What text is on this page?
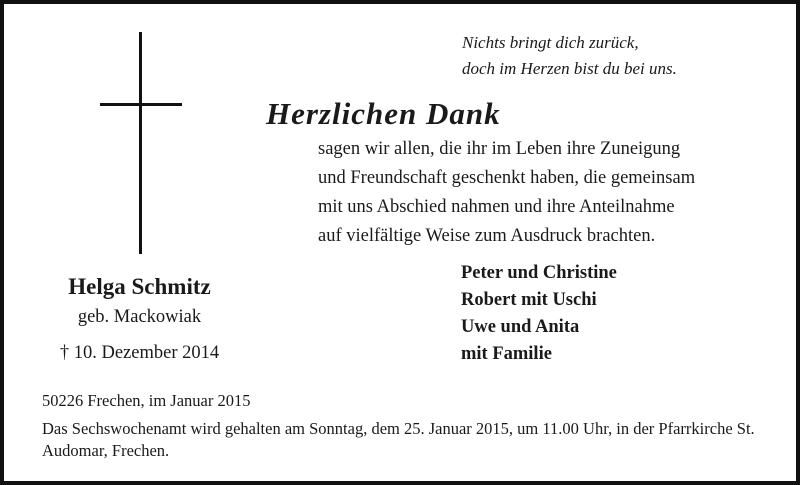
Nichts bringt dich zurück,
doch im Herzen bist du bei uns.
Herzlichen Dank
sagen wir allen, die ihr im Leben ihre Zuneigung
und Freundschaft geschenkt haben, die gemeinsam
mit uns Abschied nahmen und ihre Anteilnahme
auf vielfältige Weise zum Ausdruck brachten.
Helga Schmitz
geb. Mackowiak
† 10. Dezember 2014
Peter und Christine
Robert mit Uschi
Uwe und Anita
mit Familie
50226 Frechen, im Januar 2015
Das Sechswochenamt wird gehalten am Sonntag, dem 25. Januar 2015, um 11.00 Uhr, in der Pfarrkirche St. Audomar, Frechen.
